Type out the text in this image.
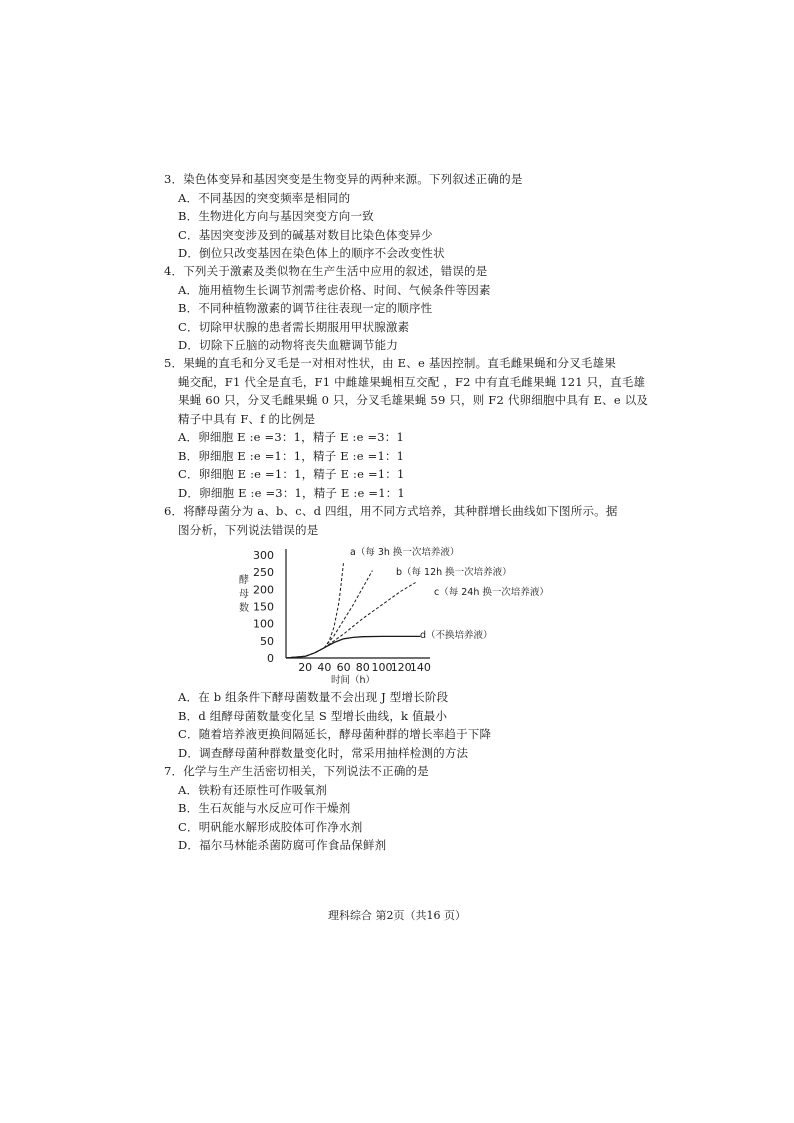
3．染色体变异和基因突变是生物变异的两种来源。下列叙述正确的是
A．不同基因的突变频率是相同的
B．生物进化方向与基因突变方向一致
C．基因突变涉及到的碱基对数目比染色体变异少
D．倒位只改变基因在染色体上的顺序不会改变性状
4．下列关于激素及类似物在生产生活中应用的叙述，错误的是
A．施用植物生长调节剂需考虑价格、时间、气候条件等因素
B．不同种植物激素的调节往往表现一定的顺序性
C．切除甲状腺的患者需长期服用甲状腺激素
D．切除下丘脑的动物将丧失血糖调节能力
5．果蝇的直毛和分叉毛是一对相对性状，由 E、e 基因控制。直毛雌果蝇和分叉毛雄果
蝇交配，F1 代全是直毛，F1 中雌雄果蝇相互交配 ，F2 中有直毛雌果蝇 121 只，直毛雄
果蝇 60 只，分叉毛雌果蝇 0 只，分叉毛雄果蝇 59 只，则 F2 代卵细胞中具有 E、e 以及
精子中具有 F、f 的比例是
A．卵细胞 E :e =3：1，精子 E :e =3：1
B．卵细胞 E :e =1：1，精子 E :e =1：1
C．卵细胞 E :e =1：1，精子 E :e =1：1
D．卵细胞 E :e =3：1，精子 E :e =1：1
6．将酵母菌分为 a、b、c、d 四组，用不同方式培养，其种群增长曲线如下图所示。据
图分析，下列说法错误的是
0
50
100
150
200
250
300
20 40 60 80 100
120
140
酵
母
数
时间（h）
a（每 3h 换一次培养液）
b（每 12h 换一次培养液）
c（每 24h 换一次培养液）
d（不换培养液）
A．在 b 组条件下酵母菌数量不会出现 J 型增长阶段
B．d 组酵母菌数量变化呈 S 型增长曲线，k 值最小
C．随着培养液更换间隔延长，酵母菌种群的增长率趋于下降
D．调查酵母菌种群数量变化时，常采用抽样检测的方法
7．化学与生产生活密切相关，下列说法不正确的是
A．铁粉有还原性可作吸氧剂
B．生石灰能与水反应可作干燥剂
C．明矾能水解形成胶体可作净水剂
D．福尔马林能杀菌防腐可作食品保鲜剂
理科综合 第2页（共16 页）
